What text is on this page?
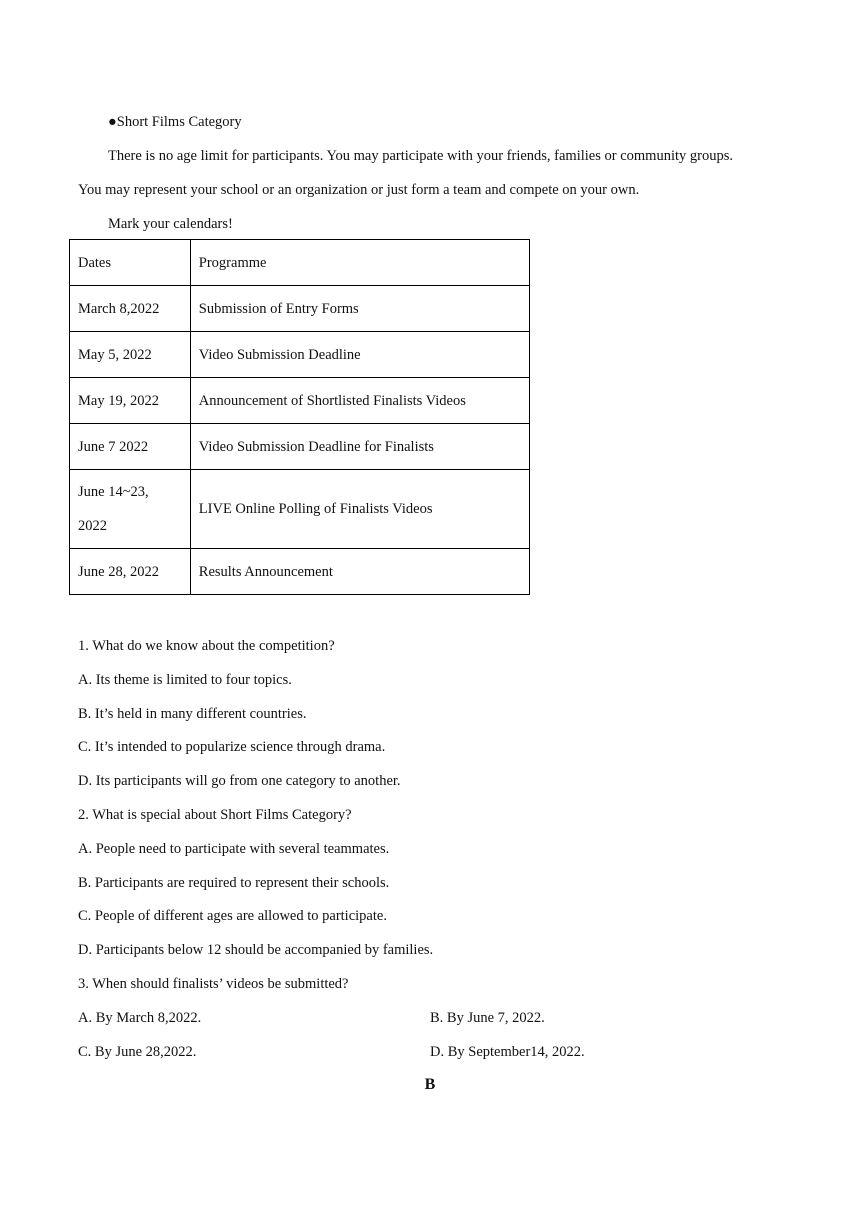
●Short Films Category
There is no age limit for participants. You may participate with your friends, families or community groups.
You may represent your school or an organization or just form a team and compete on your own.
Mark your calendars!
Dates	Programme
March 8,2022	Submission of Entry Forms
May 5, 2022	Video Submission Deadline
May 19, 2022	Announcement of Shortlisted Finalists Videos
June 7 2022	Video Submission Deadline for Finalists
June 14~23,
2022	LIVE Online Polling of Finalists Videos
June 28, 2022	Results Announcement
1. What do we know about the competition?
A. Its theme is limited to four topics.
B. It’s held in many different countries.
C. It’s intended to popularize science through drama.
D. Its participants will go from one category to another.
2. What is special about Short Films Category?
A. People need to participate with several teammates.
B. Participants are required to represent their schools.
C. People of different ages are allowed to participate.
D. Participants below 12 should be accompanied by families.
3. When should finalists’ videos be submitted?
A. By March 8,2022.	B. By June 7, 2022.
C. By June 28,2022.	D. By September14, 2022.
B
